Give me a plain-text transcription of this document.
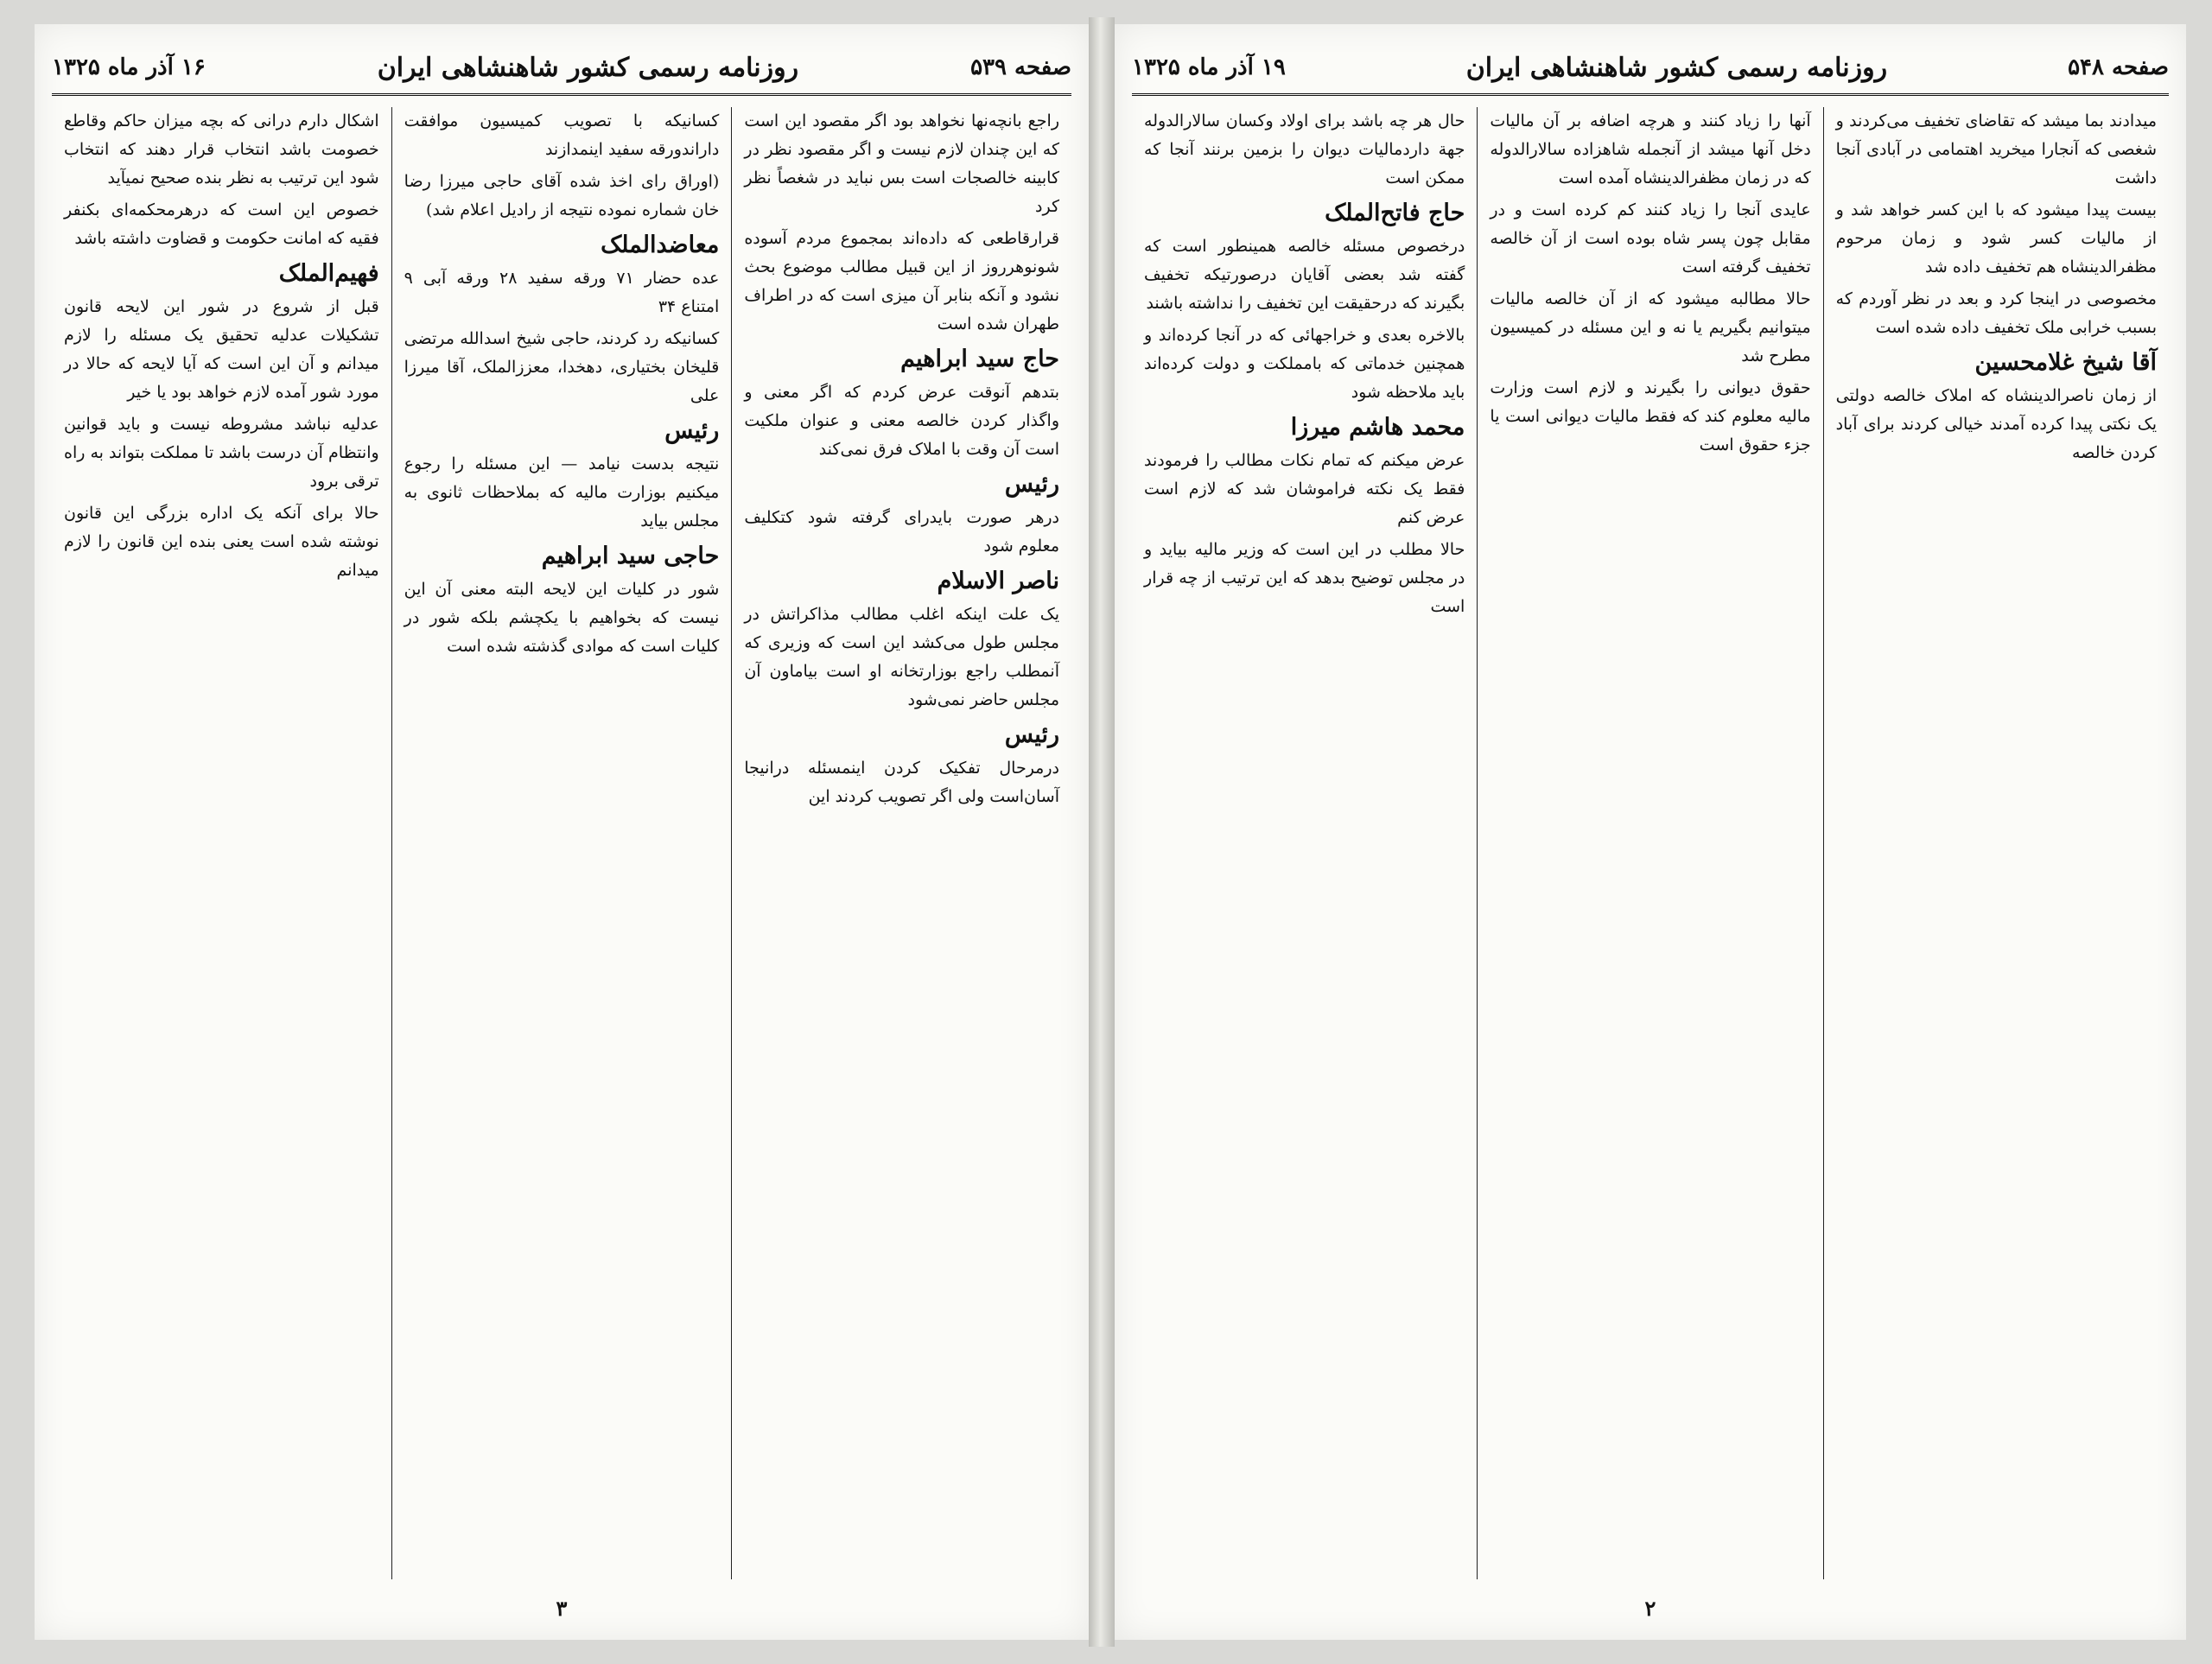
صفحه ۵۳۹
روزنامه رسمی کشور شاهنشاهی ایران
۱۶ آذر ماه ۱۳۲۵

راجع بانچه‌نها نخواهد بود اگر مقصود این است که این چندان لازم نیست و اگر مقصود نظر در کابینه خالصجات است بس نباید در شغصاً نظر کرد

قرارقاطعی که داده‌اند بمجموع مردم آسوده شونوهرروز از این قبیل مطالب موضوع بحث نشود و آنکه بنابر آن میزی است که در اطراف طهران شده است

حاج سید ابراهیم

بتدهم آنوقت عرض کردم که اگر معنی و واگذار کردن خالصه معنی و عنوان ملکیت است آن وقت با املاک فرق نمی‌کند

رئیس

درهر صورت بایدرای گرفته شود کتکلیف معلوم شود

ناصر الاسلام

یک علت اینکه اغلب مطالب مذاکراتش در مجلس طول می‌کشد این است که وزیری که آنمطلب راجع بوزارتخانه او است بیاماون آن مجلس حاضر نمی‌شود

رئیس

درمرحال تفکیک کردن اینمسئله درانیجا آسان‌است ولی اگر تصویب کردند این

کسانیکه با تصویب کمیسیون موافقت داراندورقه سفید اینمدازند

(اوراق رای اخذ شده آقای حاجی میرزا رضا خان شماره نموده نتیجه از رادیل اعلام شد)

معاضدالملک

عده حضار ۷۱ ورقه سفید ۲۸ ورقه آبی ۹ امتناع ۳۴

کسانیکه رد کردند، حاجی شیخ اسدالله مرتضی قلیخان بختیاری، دهخدا، معززالملک، آقا میرزا علی

رئیس

نتیجه بدست نیامد — این مسئله را رجوع میکنیم بوزارت مالیه که بملاحظات ثانوی به مجلس بیاید

حاجی سید ابراهیم

شور در کلیات این لایحه البته معنی آن این نیست که بخواهیم با یکچشم بلکه شور در کلیات است که موادی گذشته شده است

اشکال دارم درانی که بچه میزان حاکم وقاطع خصومت باشد انتخاب قرار دهند که انتخاب شود این ترتیب به نظر بنده صحیح نمیآید

خصوص این است که درهرمحکمه‌ای بکنفر فقیه که امانت حکومت و قضاوت داشته باشد

فهیم‌الملک

قبل از شروع در شور این لایحه قانون تشکیلات عدلیه تحقیق یک مسئله را لازم میدانم و آن این است که آیا لایحه که حالا در مورد شور آمده لازم خواهد بود یا خیر

عدلیه نباشد مشروطه نیست و باید قوانین وانتظام آن درست باشد تا مملکت بتواند به راه ترقی برود

حالا برای آنکه یک اداره بزرگی این قانون نوشته شده است یعنی بنده این قانون را لازم میدانم

۳
صفحه ۵۴۸
روزنامه رسمی کشور شاهنشاهی ایران
۱۹ آذر ماه ۱۳۲۵

میدادند بما میشد که تقاضای تخفیف می‌کردند و شغصی که آنجارا میخرید اهتمامی در آبادی آنجا داشت

بیست پیدا میشود که با این کسر خواهد شد و از مالیات کسر شود و زمان مرحوم مظفرالدینشاه هم تخفیف داده شد

مخصوصی در اینجا کرد و بعد در نظر آوردم که بسبب خرابی ملک تخفیف داده شده است

آقا شیخ غلامحسین

از زمان ناصرالدینشاه که املاک خالصه دولتی یک نکتی پیدا کرده آمدند خیالی کردند برای آباد کردن خالصه

آنها را زیاد کنند و هرچه اضافه بر آن مالیات دخل آنها میشد از آنجمله شاهزاده سالارالدوله که در زمان مظفرالدینشاه آمده است

عایدی آنجا را زیاد کنند کم کرده است و در مقابل چون پسر شاه بوده است از آن خالصه تخفیف گرفته است

حالا مطالبه میشود که از آن خالصه مالیات میتوانیم بگیریم یا نه و این مسئله در کمیسیون مطرح شد

حقوق دیوانی را بگیرند و لازم است وزارت مالیه معلوم کند که فقط مالیات دیوانی است یا جزء حقوق است

حال هر چه باشد برای اولاد وکسان سالارالدوله جهة داردمالیات دیوان را بزمین برنند آنجا که ممکن است

حاج فاتح‌الملک

درخصوص مسئله خالصه همینطور است که گفته شد بعضی آقایان درصورتیکه تخفیف بگیرند که درحقیقت این تخفیف را نداشته باشند

بالاخره بعدی و خراجهائی که در آنجا کرده‌اند و همچنین خدماتی که بامملکت و دولت کرده‌اند باید ملاحظه شود

محمد هاشم میرزا

عرض میکنم که تمام نکات مطالب را فرمودند فقط یک نکته فراموشان شد که لازم است عرض کنم

حالا مطلب در این است که وزیر مالیه بیاید و در مجلس توضیح بدهد که این ترتیب از چه قرار است

۲
